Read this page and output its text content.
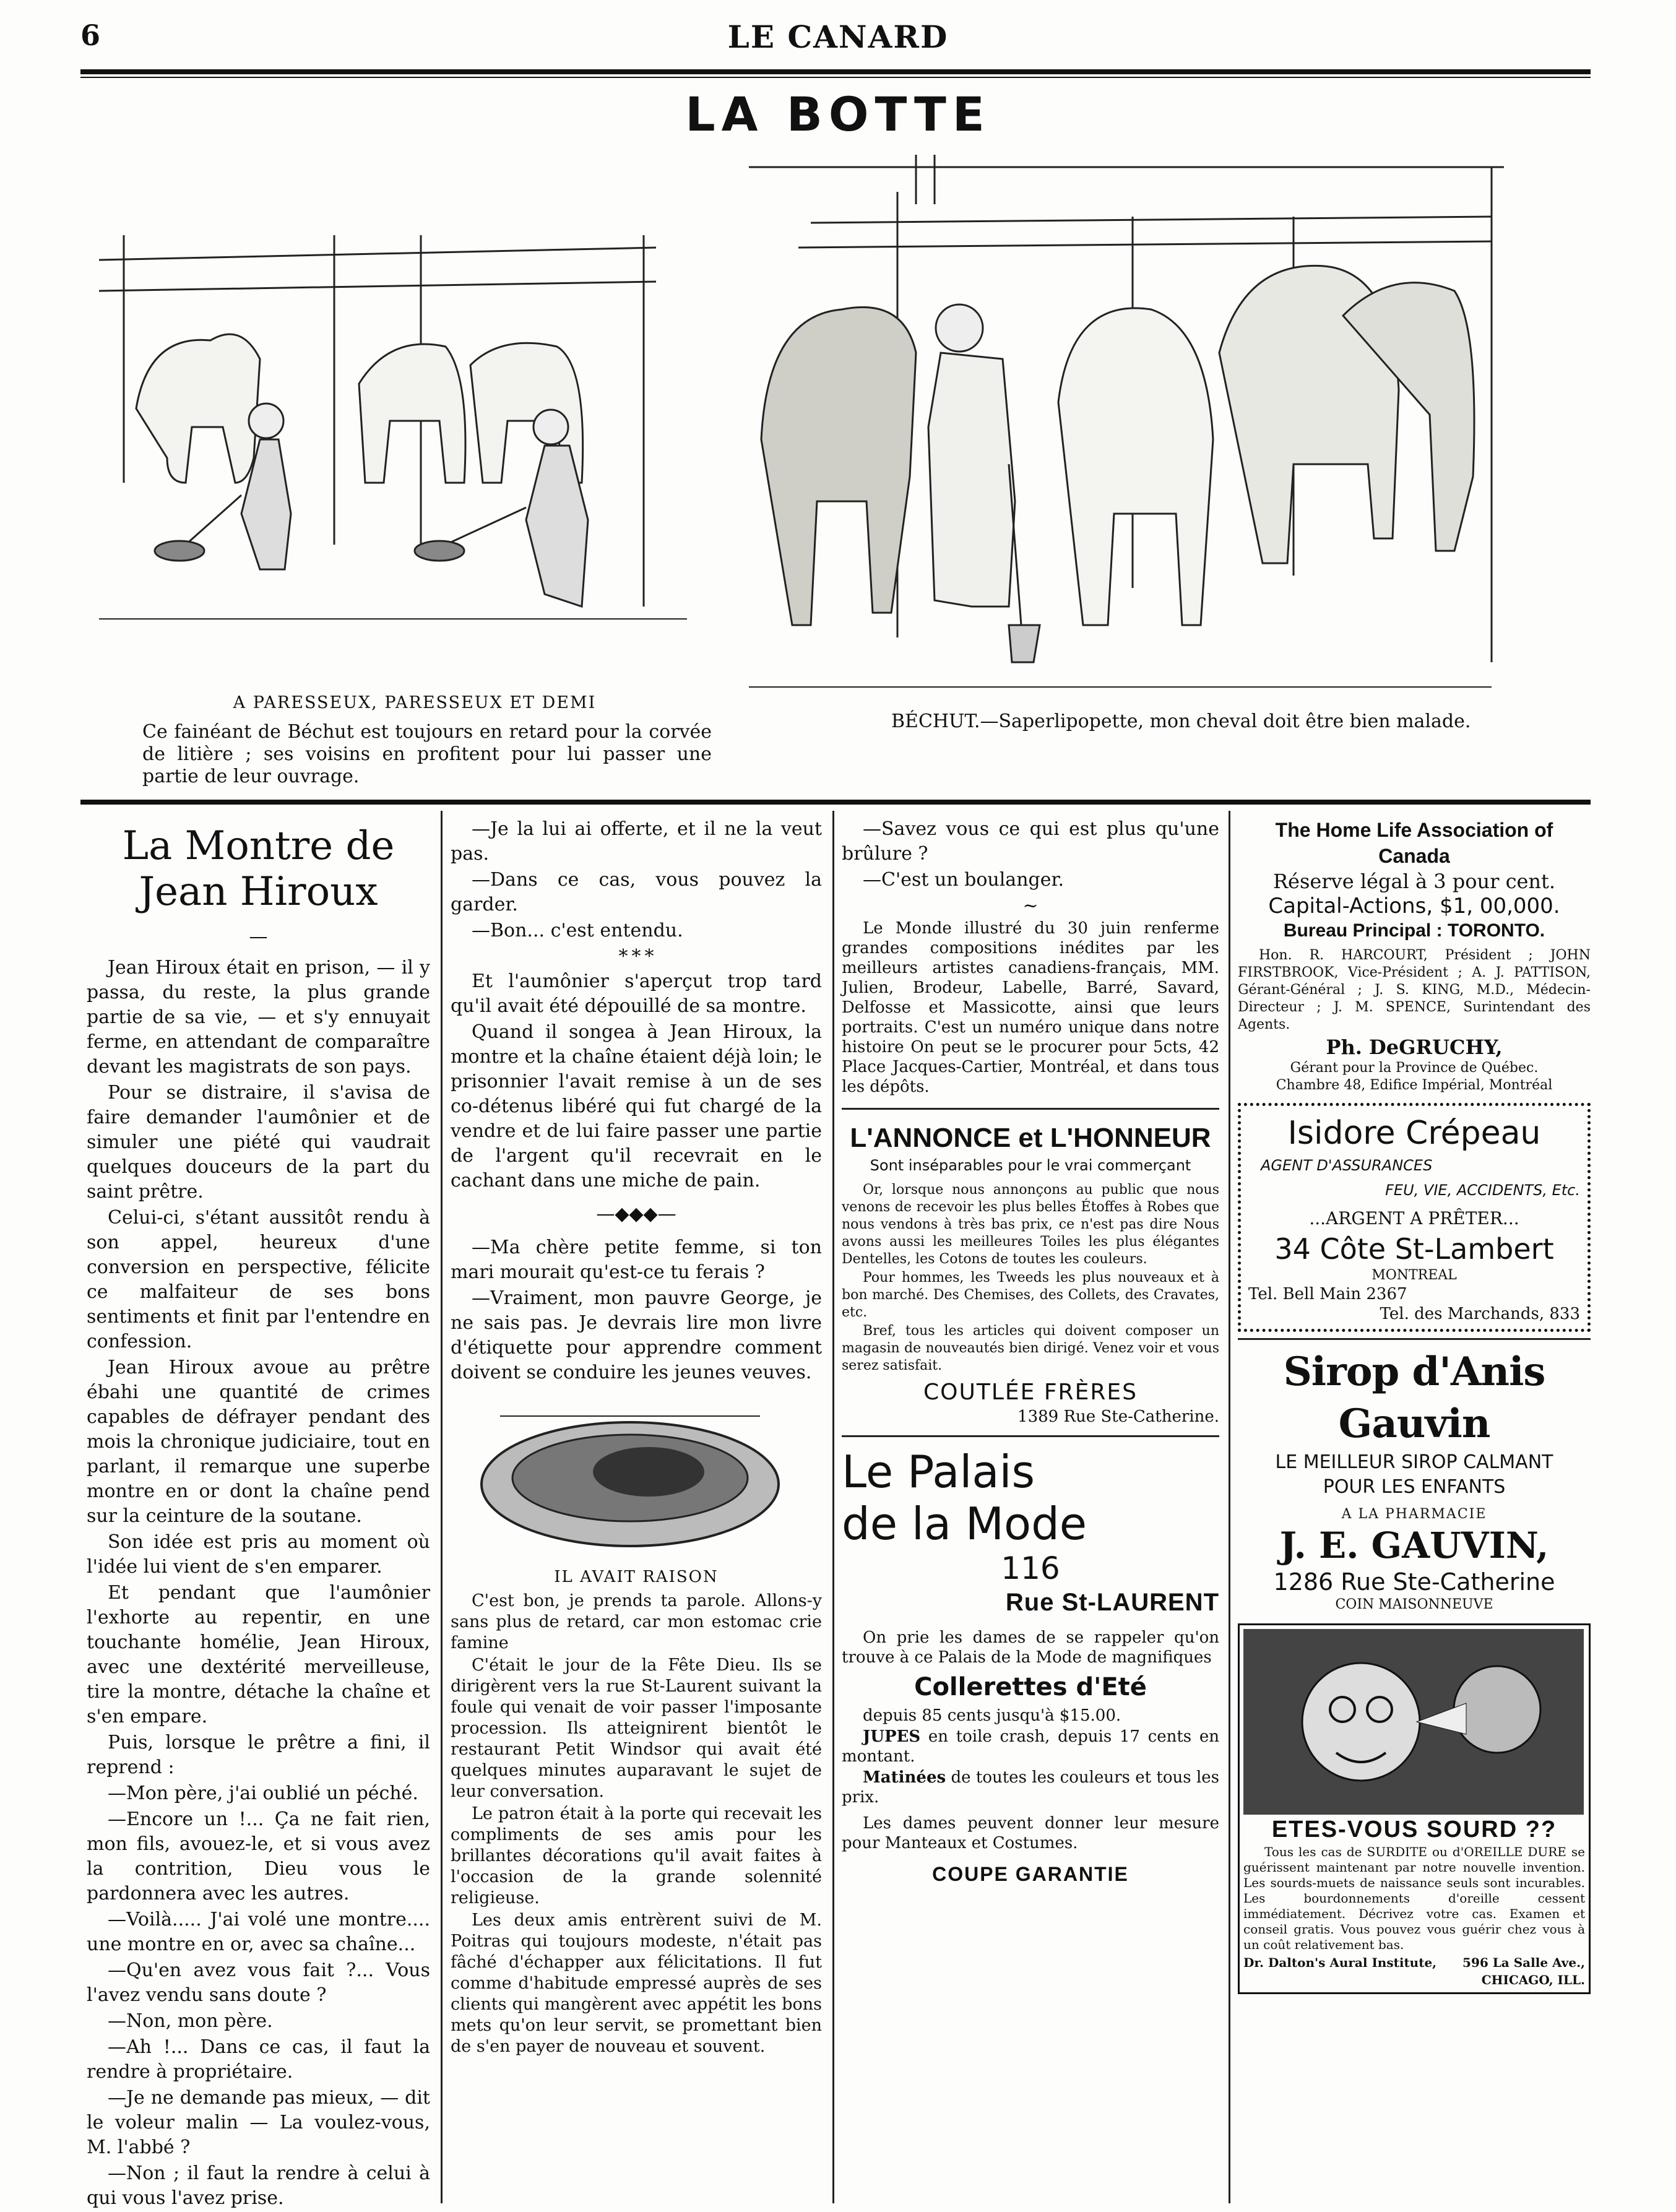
6	LE CANARD
LA BOTTE
A PARESSEUX, PARESSEUX ET DEMI
Ce fainéant de Béchut est toujours en retard pour la corvée de litière ; ses voisins en profitent pour lui passer une partie de leur ouvrage.
BÉCHUT.—Saperlipopette, mon cheval doit être bien malade.
La Montre de Jean Hiroux
—

Jean Hiroux était en prison, — il y passa, du reste, la plus grande partie de sa vie, — et s'y ennuyait ferme, en attendant de comparaître devant les magistrats de son pays.

Pour se distraire, il s'avisa de faire demander l'aumônier et de simuler une piété qui vaudrait quelques douceurs de la part du saint prêtre.

Celui-ci, s'étant aussitôt rendu à son appel, heureux d'une conversion en perspective, félicite ce malfaiteur de ses bons sentiments et finit par l'entendre en confession.

Jean Hiroux avoue au prêtre ébahi une quantité de crimes capables de défrayer pendant des mois la chronique judiciaire, tout en parlant, il remarque une superbe montre en or dont la chaîne pend sur la ceinture de la soutane.

Son idée est pris au moment où l'idée lui vient de s'en emparer.

Et pendant que l'aumônier l'exhorte au repentir, en une touchante homélie, Jean Hiroux, avec une dextérité merveilleuse, tire la montre, détache la chaîne et s'en empare.

Puis, lorsque le prêtre a fini, il reprend :

—Mon père, j'ai oublié un péché.

—Encore un !... Ça ne fait rien, mon fils, avouez-le, et si vous avez la contrition, Dieu vous le pardonnera avec les autres.

—Voilà..... J'ai volé une montre.... une montre en or, avec sa chaîne...

—Qu'en avez vous fait ?... Vous l'avez vendu sans doute ?

—Non, mon père.

—Ah !... Dans ce cas, il faut la rendre à propriétaire.

—Je ne demande pas mieux, — dit le voleur malin — La voulez-vous, M. l'abbé ?

—Non ; il faut la rendre à celui à qui vous l'avez prise.

—Je la lui ai offerte, et il ne la veut pas.

—Dans ce cas, vous pouvez la garder.

—Bon... c'est entendu.

* * *

Et l'aumônier s'aperçut trop tard qu'il avait été dépouillé de sa montre.

Quand il songea à Jean Hiroux, la montre et la chaîne étaient déjà loin; le prisonnier l'avait remise à un de ses co-détenus libéré qui fut chargé de la vendre et de lui faire passer une partie de l'argent qu'il recevrait en le cachant dans une miche de pain.

—◆◆◆—

—Ma chère petite femme, si ton mari mourait qu'est-ce tu ferais ?

—Vraiment, mon pauvre George, je ne sais pas. Je devrais lire mon livre d'étiquette pour apprendre comment doivent se conduire les jeunes veuves.

IL AVAIT RAISON

C'est bon, je prends ta parole. Allons-y sans plus de retard, car mon estomac crie famine

C'était le jour de la Fête Dieu. Ils se dirigèrent vers la rue St-Laurent suivant la foule qui venait de voir passer l'imposante procession. Ils atteignirent bientôt le restaurant Petit Windsor qui avait été quelques minutes auparavant le sujet de leur conversation.

Le patron était à la porte qui recevait les compliments de ses amis pour les brillantes décorations qu'il avait faites à l'occasion de la grande solennité religieuse.

Les deux amis entrèrent suivi de M. Poitras qui toujours modeste, n'était pas fâché d'échapper aux félicitations. Il fut comme d'habitude empressé auprès de ses clients qui mangèrent avec appétit les bons mets qu'on leur servit, se promettant bien de s'en payer de nouveau et souvent.

—Savez vous ce qui est plus qu'une brûlure ?

—C'est un boulanger.

~

Le Monde illustré du 30 juin renferme grandes compositions inédites par les meilleurs artistes canadiens-français, MM. Julien, Brodeur, Labelle, Barré, Savard, Delfosse et Massicotte, ainsi que leurs portraits. C'est un numéro unique dans notre histoire On peut se le procurer pour 5cts, 42 Place Jacques-Cartier, Montréal, et dans tous les dépôts.

L'ANNONCE et L'HONNEUR
Sont inséparables pour le vrai commerçant

Or, lorsque nous annonçons au public que nous venons de recevoir les plus belles Étoffes à Robes que nous vendons à très bas prix, ce n'est pas dire Nous avons aussi les meilleures Toiles les plus élégantes Dentelles, les Cotons de toutes les couleurs.

Pour hommes, les Tweeds les plus nouveaux et à bon marché. Des Chemises, des Collets, des Cravates, etc.

Bref, tous les articles qui doivent composer un magasin de nouveautés bien dirigé. Venez voir et vous serez satisfait.

COUTLÉE FRÈRES
1389 Rue Ste-Catherine.
Le Palais
de la Mode
116
Rue St-LAURENT

On prie les dames de se rappeler qu'on trouve à ce Palais de la Mode de magnifiques

Collerettes d'Eté

depuis 85 cents jusqu'à $15.00.

JUPES en toile crash, depuis 17 cents en montant.

Matinées de toutes les couleurs et tous les prix.

Les dames peuvent donner leur mesure pour Manteaux et Costumes.

COUPE GARANTIE
The Home Life Association of Canada
Réserve légal à 3 pour cent.
Capital-Actions, $1, 00,000.
Bureau Principal : TORONTO.

Hon. R. HARCOURT, Président ; JOHN FIRSTBROOK, Vice-Président ; A. J. PATTISON, Gérant-Général ; J. S. KING, M.D., Médecin-Directeur ; J. M. SPENCE, Surintendant des Agents.

Ph. DeGRUCHY,
Gérant pour la Province de Québec.
Chambre 48, Edifice Impérial, Montréal
Isidore Crépeau
AGENT D'ASSURANCES
FEU, VIE, ACCIDENTS, Etc.
...ARGENT A PRÊTER...
34 Côte St-Lambert
MONTREAL
Tel. Bell Main 2367
Tel. des Marchands, 833
Sirop d'Anis Gauvin
LE MEILLEUR SIROP CALMANT
POUR LES ENFANTS
A LA PHARMACIE
J. E. GAUVIN,
1286 Rue Ste-Catherine
COIN MAISONNEUVE
ETES-VOUS SOURD ??

Tous les cas de SURDITE ou d'OREILLE DURE se guérissent maintenant par notre nouvelle invention. Les sourds-muets de naissance seuls sont incurables. Les bourdonnements d'oreille cessent immédiatement. Décrivez votre cas. Examen et conseil gratis. Vous pouvez vous guérir chez vous à un coût relativement bas.

Dr. Dalton's Aural Institute,	596 La Salle Ave., CHICAGO, ILL.
